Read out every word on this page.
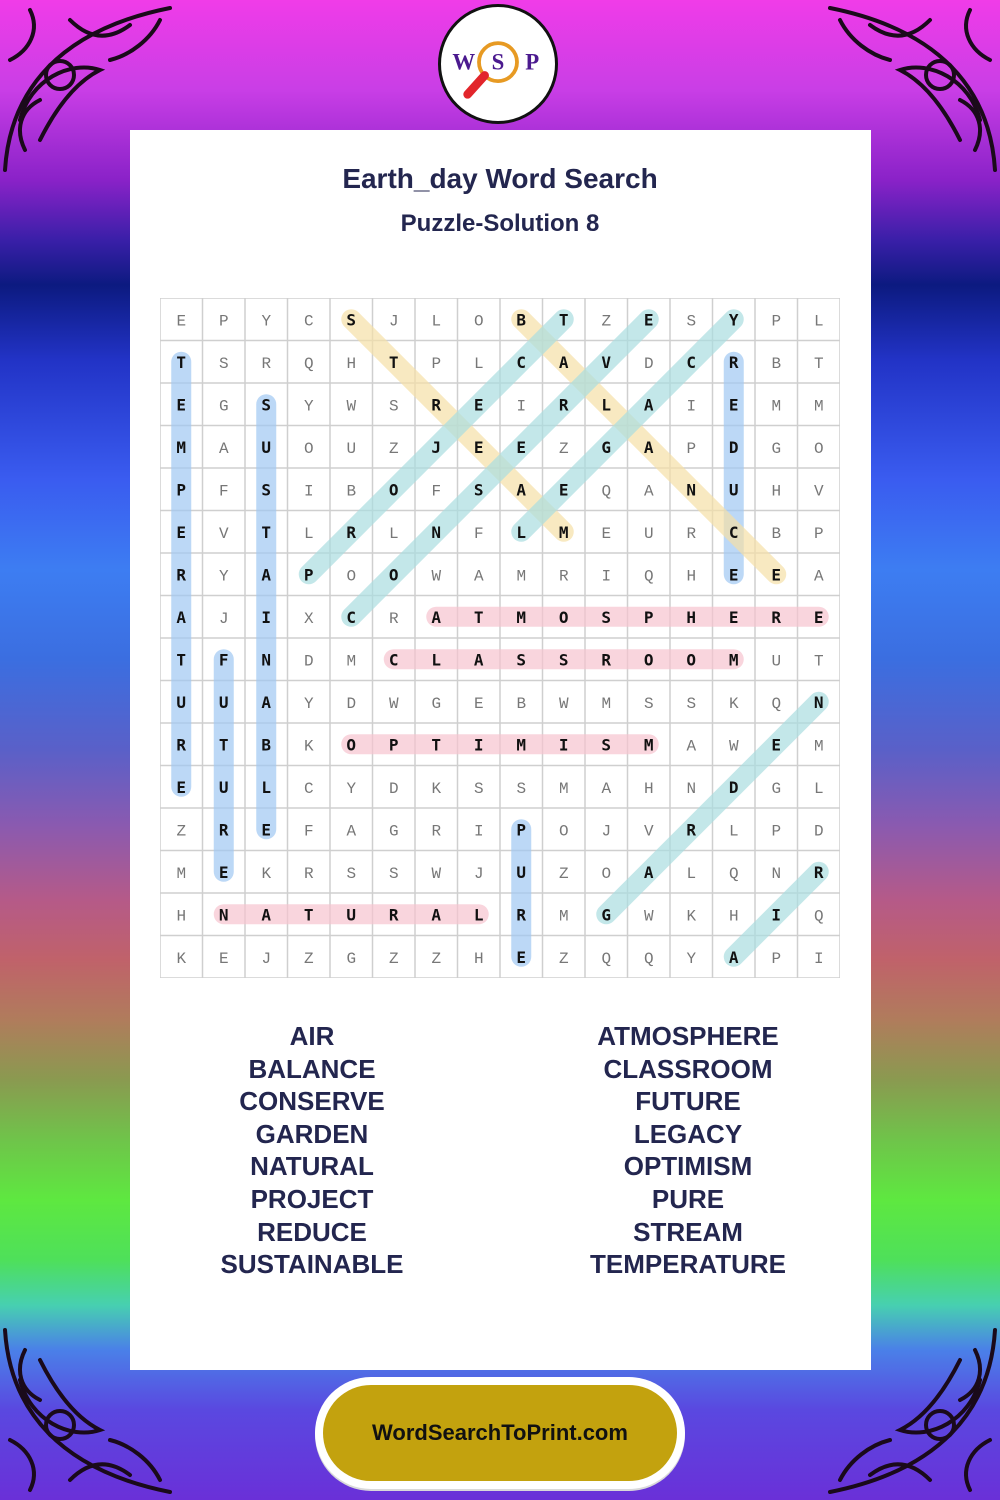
W S P
Earth_day Word Search
Puzzle-Solution 8
E P Y C S J L O B T Z E S Y P L
T S R Q H T P L C A V D C R B T
E G S Y W S R E I R L A I E M M
M A U O U Z J E E Z G A P D G O
P F S I B O F S A E Q A N U H V
E V T L R L N F L M E U R C B P
R Y A P O O W A M R I Q H E E A
A J I X C R A T M O S P H E R E
T F N D M C L A S S R O O M U T
U U A Y D W G E B W M S S K Q N
R T B K O P T I M I S M A W E M
E U L C Y D K S S M A H N D G L
Z R E F A G R I P O J V R L P D
M E K R S S W J U Z O A L Q N R
H N A T U R A L R M G W K H I Q
K E J Z G Z Z H E Z Q Q Y A P I
AIR
BALANCE
CONSERVE
GARDEN
NATURAL
PROJECT
REDUCE
SUSTAINABLE
ATMOSPHERE
CLASSROOM
FUTURE
LEGACY
OPTIMISM
PURE
STREAM
TEMPERATURE
WordSearchToPrint.com
